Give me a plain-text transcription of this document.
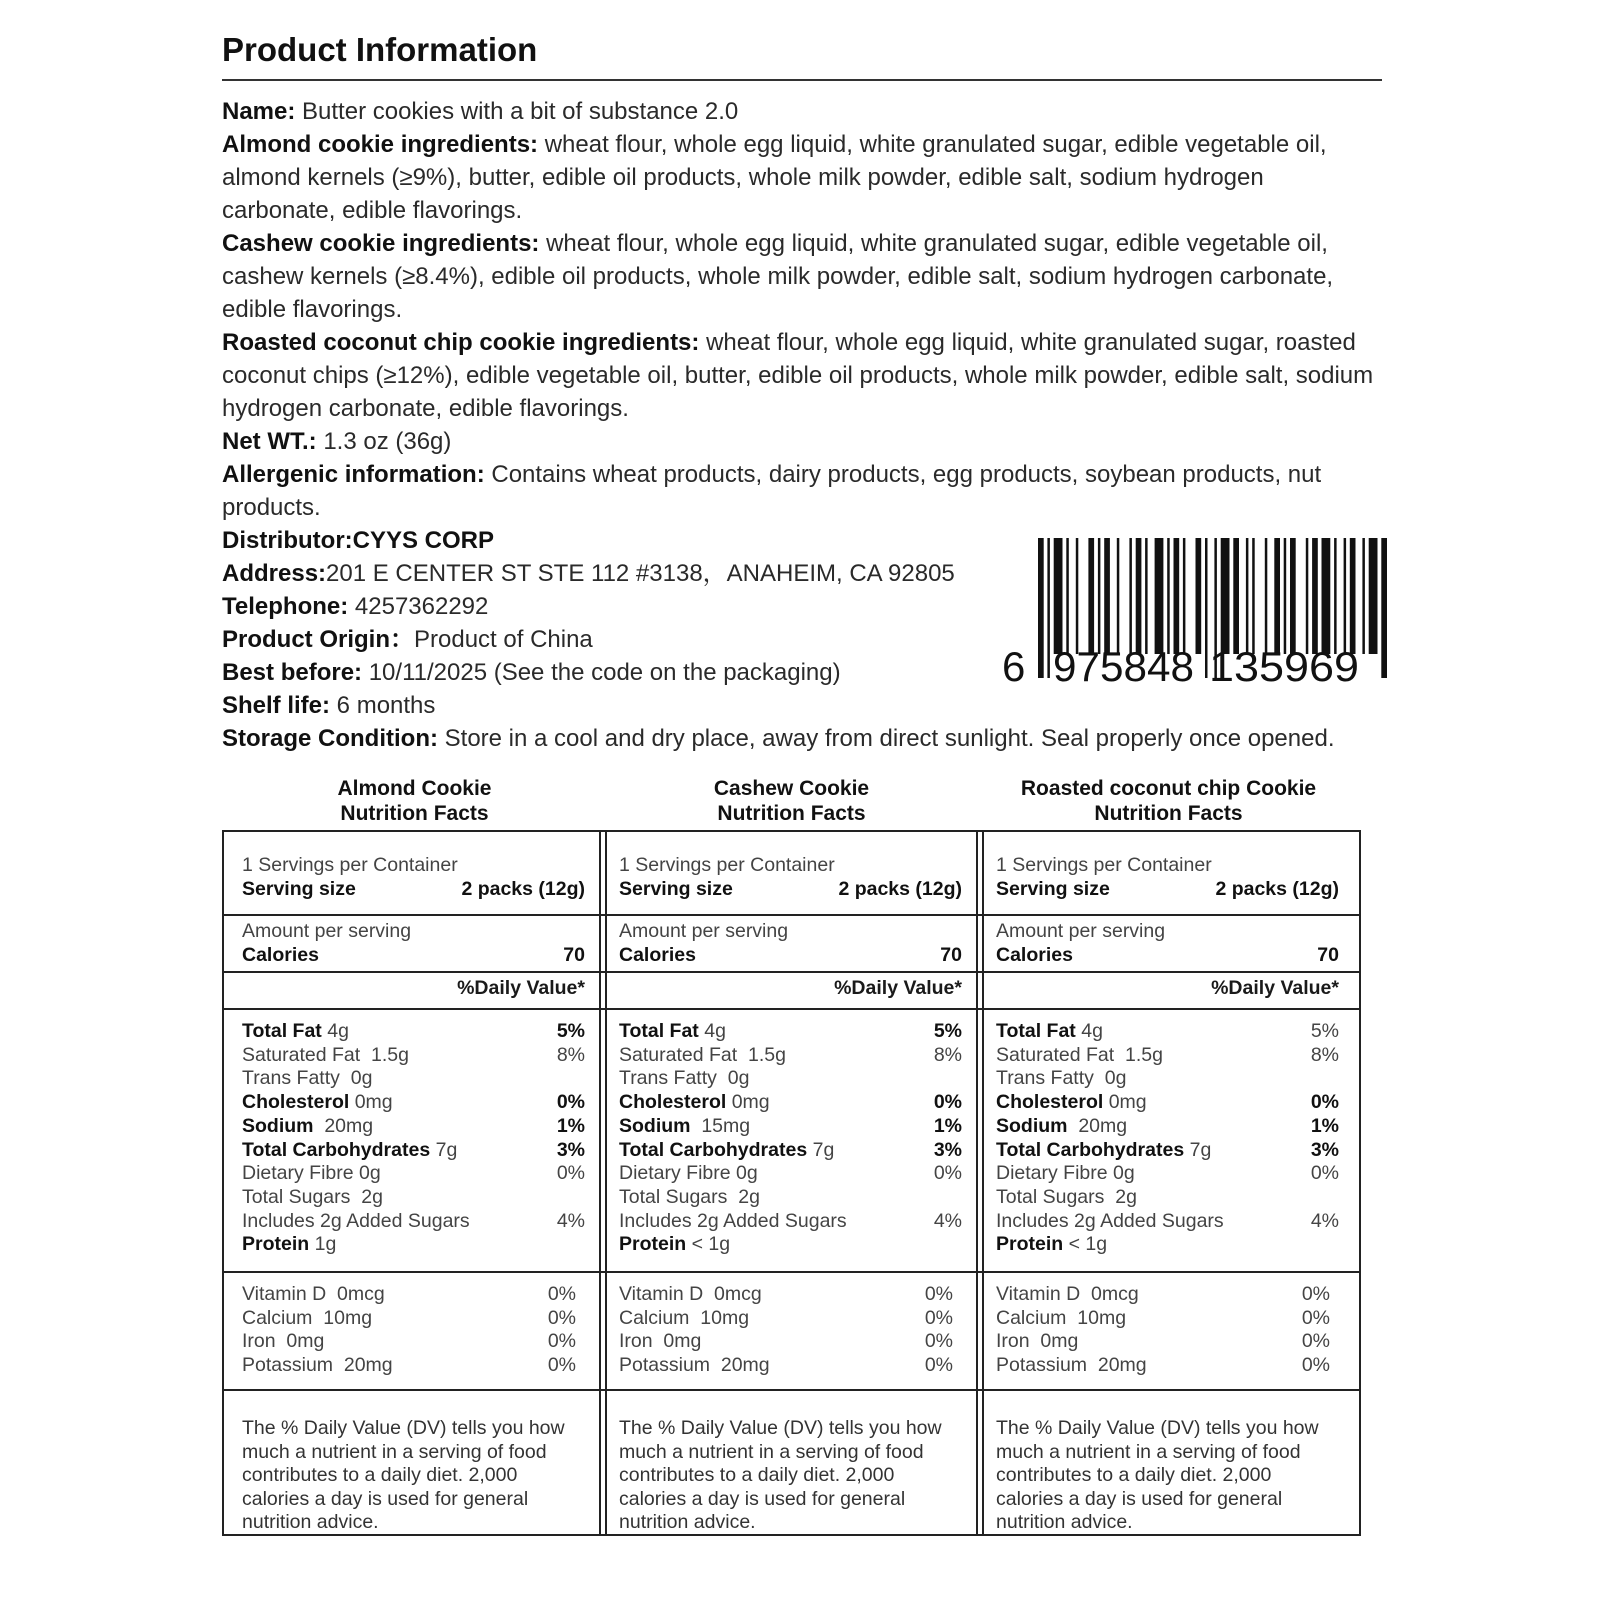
Product Information

Name: Butter cookies with a bit of substance 2.0

Almond cookie ingredients: wheat flour, whole egg liquid, white granulated sugar, edible vegetable oil, almond kernels (≥9%), butter, edible oil products, whole milk powder, edible salt, sodium hydrogen carbonate, edible flavorings.

Cashew cookie ingredients: wheat flour, whole egg liquid, white granulated sugar, edible vegetable oil, cashew kernels (≥8.4%), edible oil products, whole milk powder, edible salt, sodium hydrogen carbonate, edible flavorings.

Roasted coconut chip cookie ingredients: wheat flour, whole egg liquid, white granulated sugar, roasted coconut chips (≥12%), edible vegetable oil, butter, edible oil products, whole milk powder, edible salt, sodium hydrogen carbonate, edible flavorings.

Net WT.: 1.3 oz (36g)

Allergenic information: Contains wheat products, dairy products, egg products, soybean products, nut products.

Distributor:CYYS CORP

Address:201 E CENTER ST STE 112 #3138，ANAHEIM, CA 92805

Telephone: 4257362292

Product Origin：Product of China

Best before: 10/11/2025 (See the code on the packaging)

Shelf life: 6 months

Storage Condition: Store in a cool and dry place, away from direct sunlight. Seal properly once opened.

6 975848 135969
Almond Cookie
Nutrition Facts
1 Servings per Container
Serving size	2 packs (12g)
Amount per serving
Calories	70
%Daily Value*
Total Fat 4g	5%
Saturated Fat  1.5g	8%
Trans Fatty  0g
Cholesterol 0mg	0%
Sodium  20mg	1%
Total Carbohydrates 7g	3%
Dietary Fibre 0g	0%
Total Sugars  2g
Includes 2g Added Sugars	4%
Protein 1g
Vitamin D  0mcg	0%
Calcium  10mg	0%
Iron  0mg	0%
Potassium  20mg	0%
The % Daily Value (DV) tells you how much a nutrient in a serving of food contributes to a daily diet. 2,000 calories a day is used for general nutrition advice.
Cashew Cookie
Nutrition Facts
1 Servings per Container
Serving size	2 packs (12g)
Amount per serving
Calories	70
%Daily Value*
Total Fat 4g	5%
Saturated Fat  1.5g	8%
Trans Fatty  0g
Cholesterol 0mg	0%
Sodium  15mg	1%
Total Carbohydrates 7g	3%
Dietary Fibre 0g	0%
Total Sugars  2g
Includes 2g Added Sugars	4%
Protein < 1g
Vitamin D  0mcg	0%
Calcium  10mg	0%
Iron  0mg	0%
Potassium  20mg	0%
The % Daily Value (DV) tells you how much a nutrient in a serving of food contributes to a daily diet. 2,000 calories a day is used for general nutrition advice.
Roasted coconut chip Cookie
Nutrition Facts
1 Servings per Container
Serving size	2 packs (12g)
Amount per serving
Calories	70
%Daily Value*
Total Fat 4g	5%
Saturated Fat  1.5g	8%
Trans Fatty  0g
Cholesterol 0mg	0%
Sodium  20mg	1%
Total Carbohydrates 7g	3%
Dietary Fibre 0g	0%
Total Sugars  2g
Includes 2g Added Sugars	4%
Protein < 1g
Vitamin D  0mcg	0%
Calcium  10mg	0%
Iron  0mg	0%
Potassium  20mg	0%
The % Daily Value (DV) tells you how much a nutrient in a serving of food contributes to a daily diet. 2,000 calories a day is used for general nutrition advice.
